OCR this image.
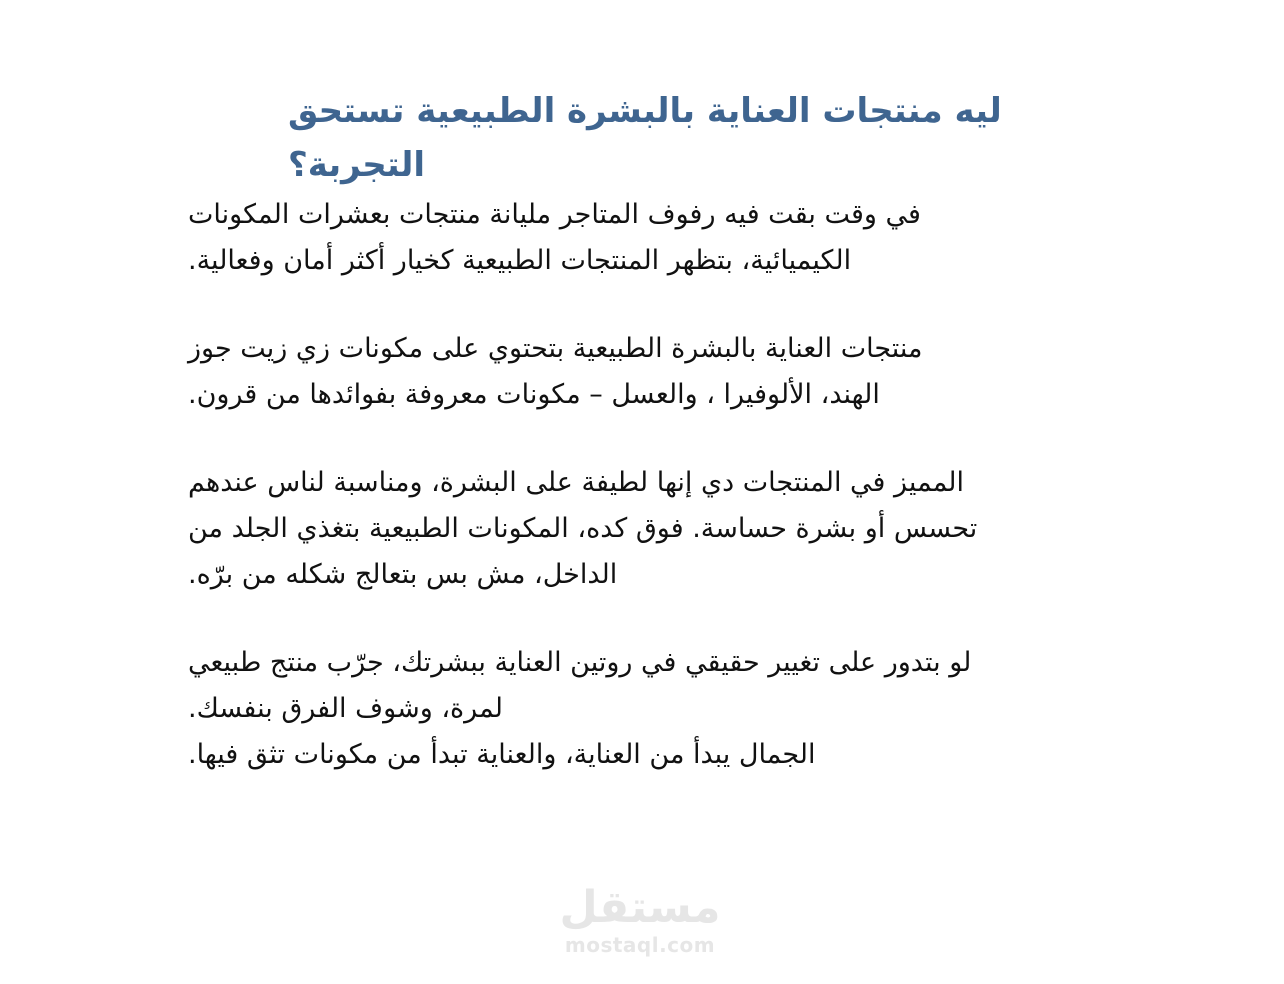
ليه منتجات العناية بالبشرة الطبيعية تستحق التجربة؟

في وقت بقت فيه رفوف المتاجر مليانة منتجات بعشرات المكونات
الكيميائية، بتظهر المنتجات الطبيعية كخيار أكثر أمان وفعالية.

منتجات العناية بالبشرة الطبيعية بتحتوي على مكونات زي زيت جوز
الهند، الألوفيرا ، والعسل – مكونات معروفة بفوائدها من قرون.

المميز في المنتجات دي إنها لطيفة على البشرة، ومناسبة لناس عندهم
تحسس أو بشرة حساسة. فوق كده، المكونات الطبيعية بتغذي الجلد من
الداخل، مش بس بتعالج شكله من برّه.

لو بتدور على تغيير حقيقي في روتين العناية ببشرتك، جرّب منتج طبيعي
لمرة، وشوف الفرق بنفسك.
الجمال يبدأ من العناية، والعناية تبدأ من مكونات تثق فيها.

مستقل
mostaql.com
